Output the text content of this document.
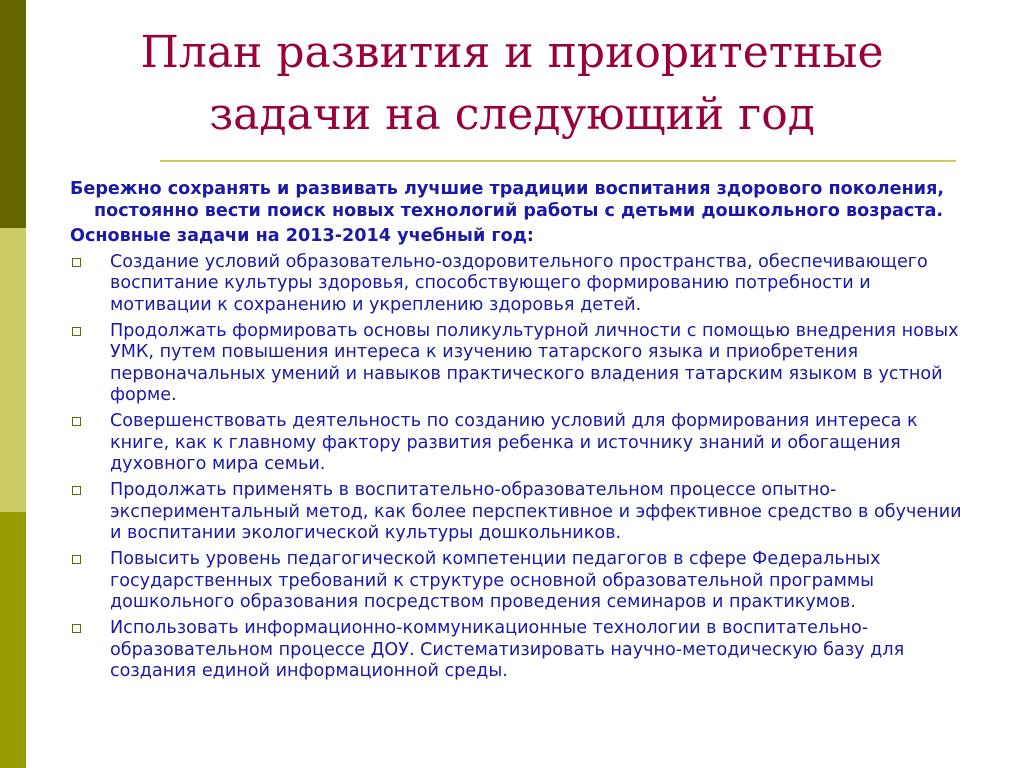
План развития и приоритетные
задачи на следующий год

Бережно сохранять и развивать лучшие традиции воспитания здорового поколения, постоянно вести поиск новых технологий работы с детьми дошкольного возраста.

Основные задачи на 2013-2014 учебный год:

Создание условий образовательно-оздоровительного пространства, обеспечивающего воспитание культуры здоровья, способствующего формированию потребности и мотивации к сохранению и укреплению здоровья детей.
Продолжать формировать основы поликультурной личности с помощью внедрения новых УМК, путем повышения интереса к изучению татарского языка и приобретения первоначальных умений и навыков практического владения татарским языком в устной форме.
Совершенствовать деятельность по созданию условий для формирования интереса к книге, как к главному фактору развития ребенка и источнику знаний и обогащения духовного мира семьи.
Продолжать применять в воспитательно-образовательном процессе опытно-экспериментальный метод, как более перспективное и эффективное средство в обучении и воспитании экологической культуры дошкольников.
Повысить уровень педагогической компетенции педагогов в сфере Федеральных государственных требований к структуре основной образовательной программы дошкольного образования посредством проведения семинаров и практикумов.
Использовать информационно-коммуникационные технологии в воспитательно-образовательном процессе ДОУ. Систематизировать научно-методическую базу для создания единой информационной среды.
